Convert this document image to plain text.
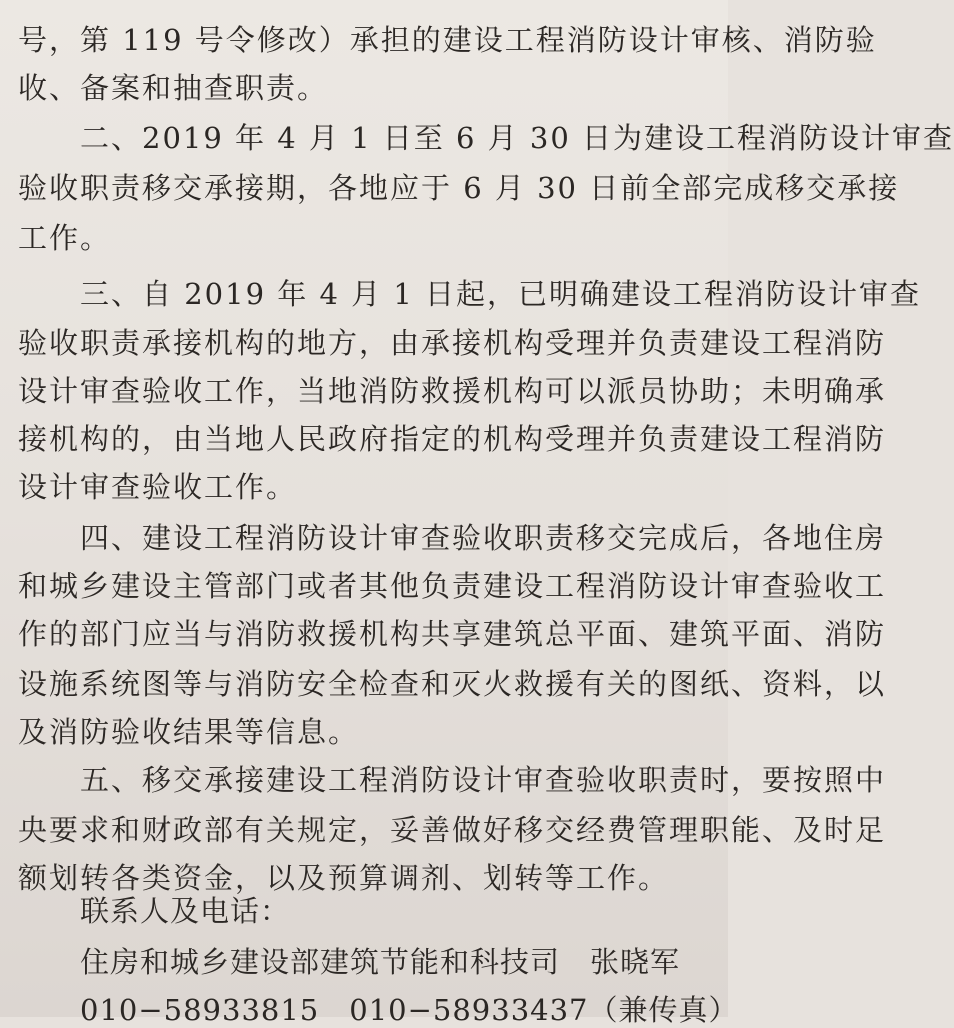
号，第 119 号令修改）承担的建设工程消防设计审核、消防验
收、备案和抽查职责。
二、2019 年 4 月 1 日至 6 月 30 日为建设工程消防设计审查
验收职责移交承接期，各地应于 6 月 30 日前全部完成移交承接
工作。
三、自 2019 年 4 月 1 日起，已明确建设工程消防设计审查
验收职责承接机构的地方，由承接机构受理并负责建设工程消防
设计审查验收工作，当地消防救援机构可以派员协助；未明确承
接机构的，由当地人民政府指定的机构受理并负责建设工程消防
设计审查验收工作。
四、建设工程消防设计审查验收职责移交完成后，各地住房
和城乡建设主管部门或者其他负责建设工程消防设计审查验收工
作的部门应当与消防救援机构共享建筑总平面、建筑平面、消防
设施系统图等与消防安全检查和灭火救援有关的图纸、资料，以
及消防验收结果等信息。
五、移交承接建设工程消防设计审查验收职责时，要按照中
央要求和财政部有关规定，妥善做好移交经费管理职能、及时足
额划转各类资金，以及预算调剂、划转等工作。
联系人及电话：
住房和城乡建设部建筑节能和科技司　张晓军
010−58933815　010−58933437（兼传真）
